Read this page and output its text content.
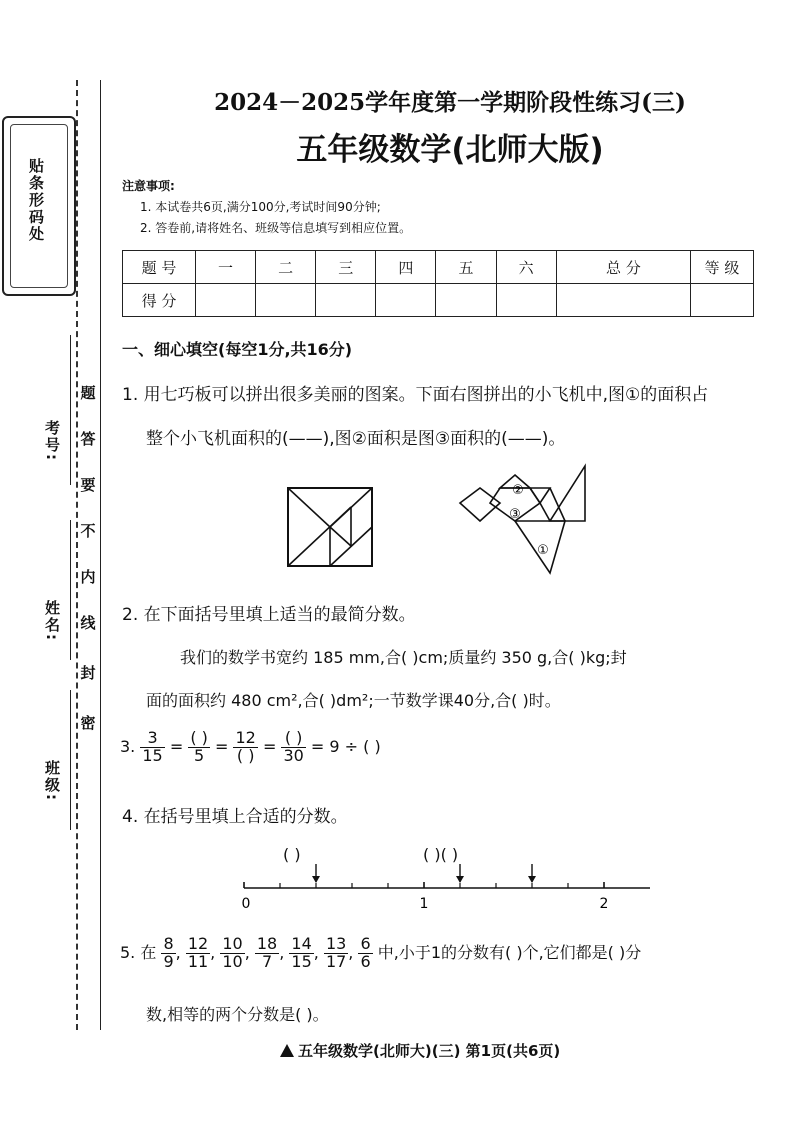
贴条形码处
考号:
姓名:
班级:
密
封
线
内
不
要
答
题
2024－2025学年度第一学期阶段性练习(三)
五年级数学(北师大版)
注意事项:
1. 本试卷共6页,满分100分,考试时间90分钟;
2. 答卷前,请将姓名、班级等信息填写到相应位置。
题 号	一	二	三	四	五	六	总 分	等 级
得 分								
一、细心填空(每空1分,共16分)
1. 用七巧板可以拼出很多美丽的图案。下面右图拼出的小飞机中,图①的面积占
整个小飞机面积的(——),图②面积是图③面积的(——)。
②
③
①
2. 在下面括号里填上适当的最简分数。
我们的数学书宽约 185 mm,合( )cm;质量约 350 g,合( )kg;封
面的面积约 480 cm²,合( )dm²;一节数学课40分,合( )时。
3. $\frac{3}{15} = \frac{( )}{5} = \frac{12}{( )} = \frac{( )}{30} = 9$ ÷ ( )
4. 在括号里填上合适的分数。
( )	( )( )
0	1	2
5. 在 $\frac{8}{9}$ , $\frac{12}{11}$ , $\frac{10}{10}$ , $\frac{18}{7}$ , $\frac{14}{15}$ , $\frac{13}{17}$ , $\frac{6}{6}$ 中,小于1的分数有( )个,它们都是( )分
数,相等的两个分数是( )。
五年级数学(北师大)(三) 第1页(共6页)
